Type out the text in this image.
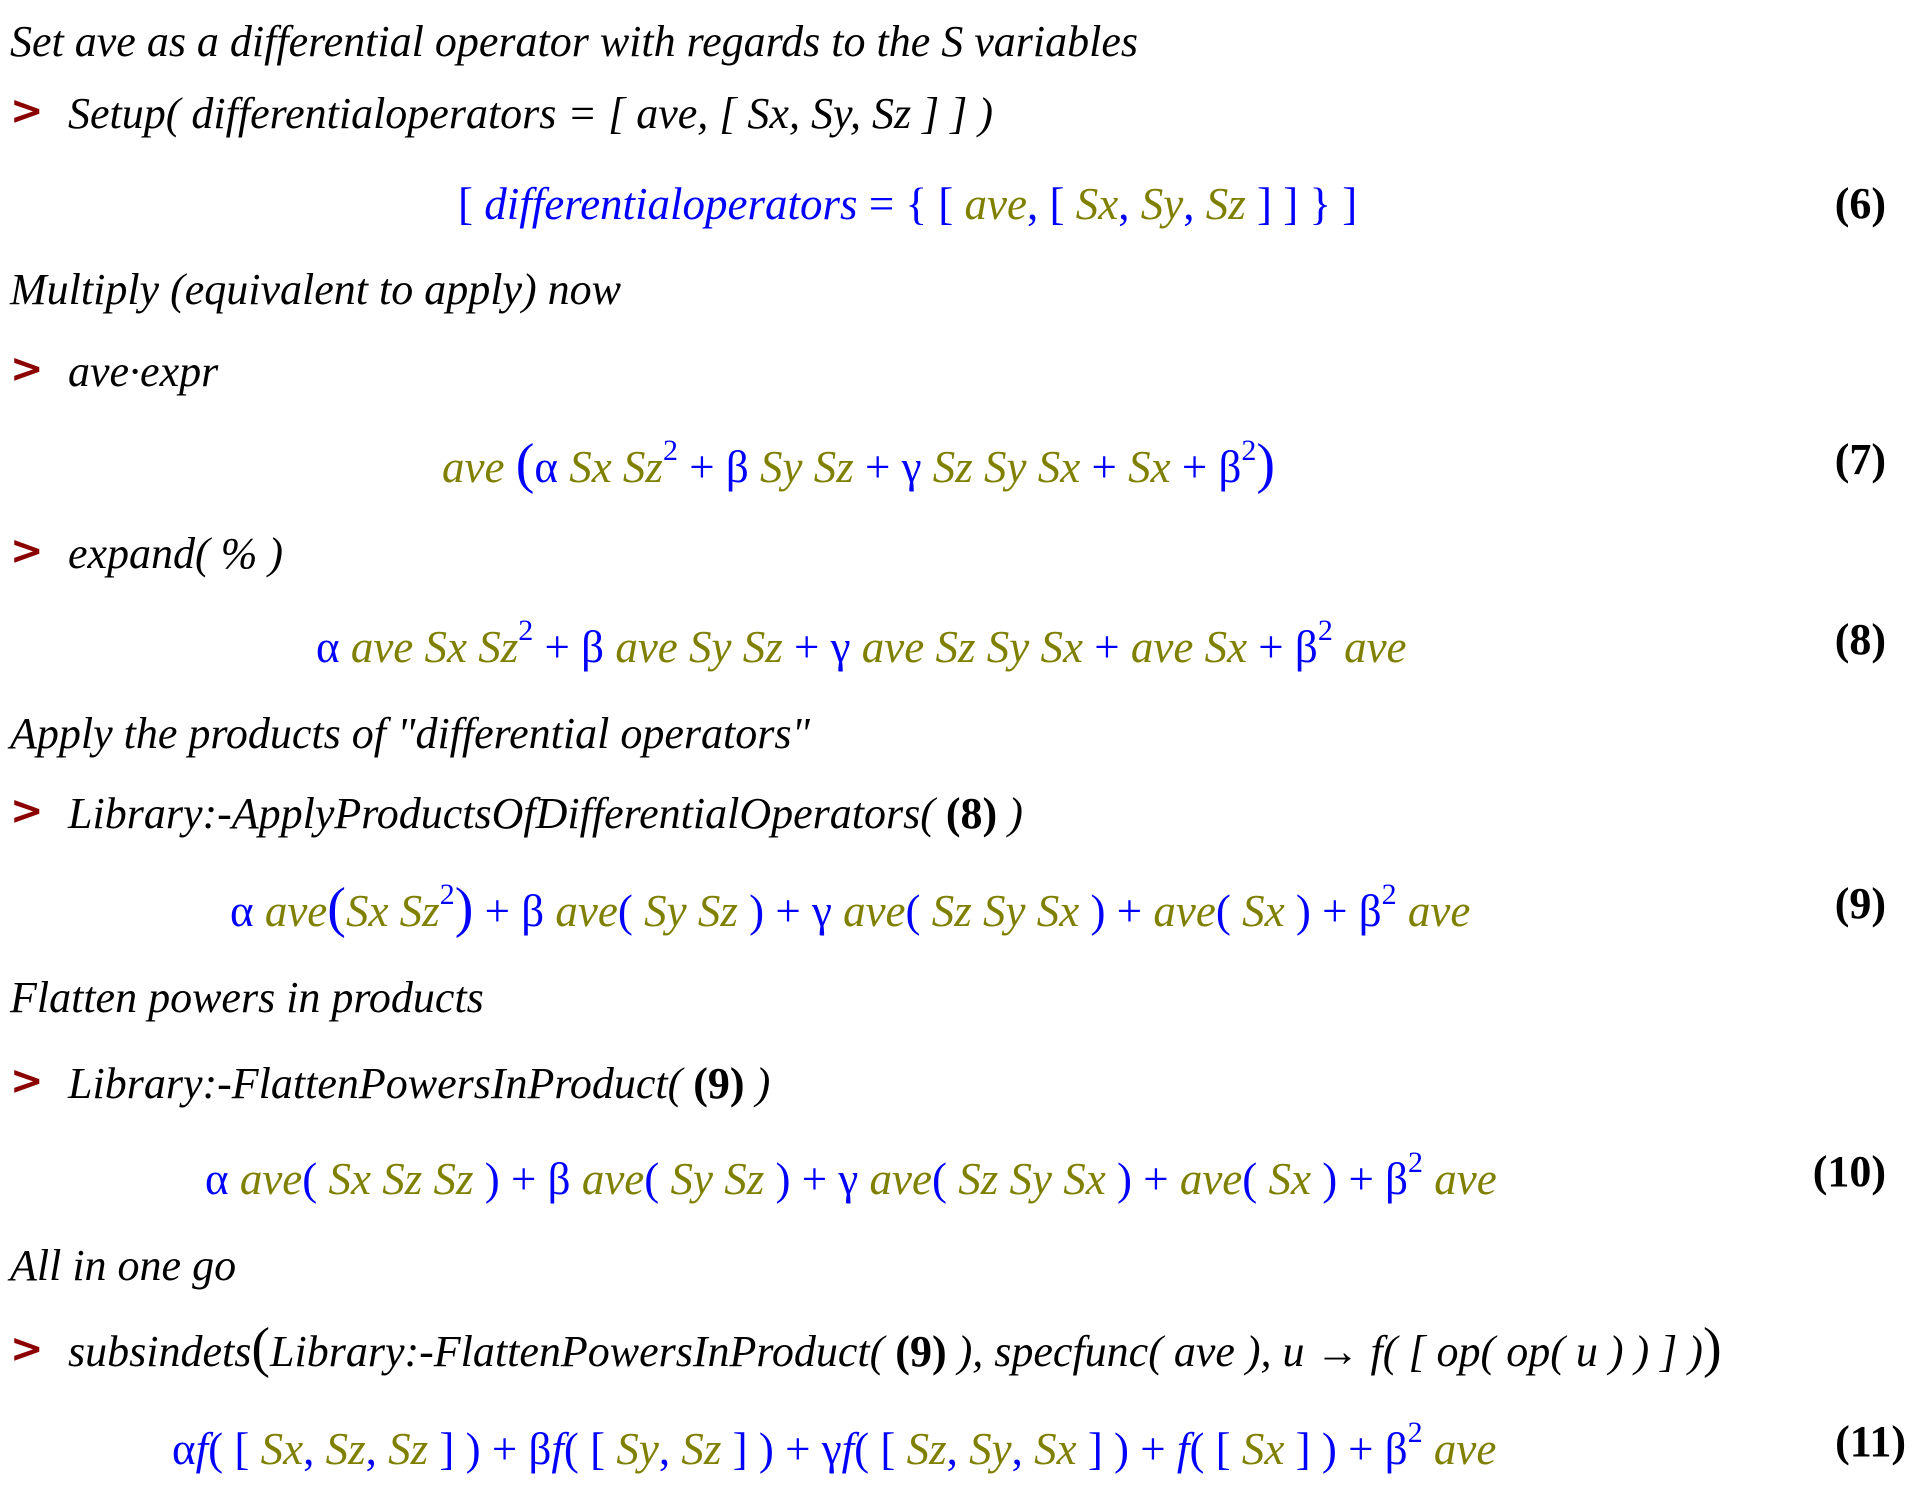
Set ave as a differential operator with regards to the S variables
> Setup( differentialoperators = [ ave, [ Sx, Sy, Sz ] ] )
[ differentialoperators = { [ ave, [ Sx, Sy, Sz ] ] } ]	(6)
Multiply (equivalent to apply) now
> ave·expr
ave (α Sx $Sz^2 + \beta$ Sy Sz + γ Sz Sy $Sx + Sx + \beta^2$)	(7)
> expand( % )
α ave Sx $Sz^2 + \beta$ ave Sy Sz + γ ave Sz Sy Sx + ave $Sx + \beta^2$ ave	(8)
Apply the products of "differential operators"
> Library:-ApplyProductsOfDifferentialOperators( (8) )
α ave(Sx $Sz^2) + \beta$ ave( Sy Sz ) + γ ave( Sz Sy Sx ) + ave( Sx ) + $\beta^2$ ave	(9)
Flatten powers in products
> Library:-FlattenPowersInProduct( (9) )
α ave( Sx Sz Sz ) + β ave( Sy Sz ) + γ ave( Sz Sy Sx ) + ave( Sx ) + $\beta^2$ ave	(10)
All in one go
> subsindets(Library:-FlattenPowersInProduct( (9) ), specfunc( ave ), u → f( [ op( op( u ) ) ] ))
αf( [ Sx, Sz, Sz ] ) + βf( [ Sy, Sz ] ) + γf( [ Sz, Sy, Sx ] ) + f( [ Sx ] ) + $\beta^2$ ave	(11)
